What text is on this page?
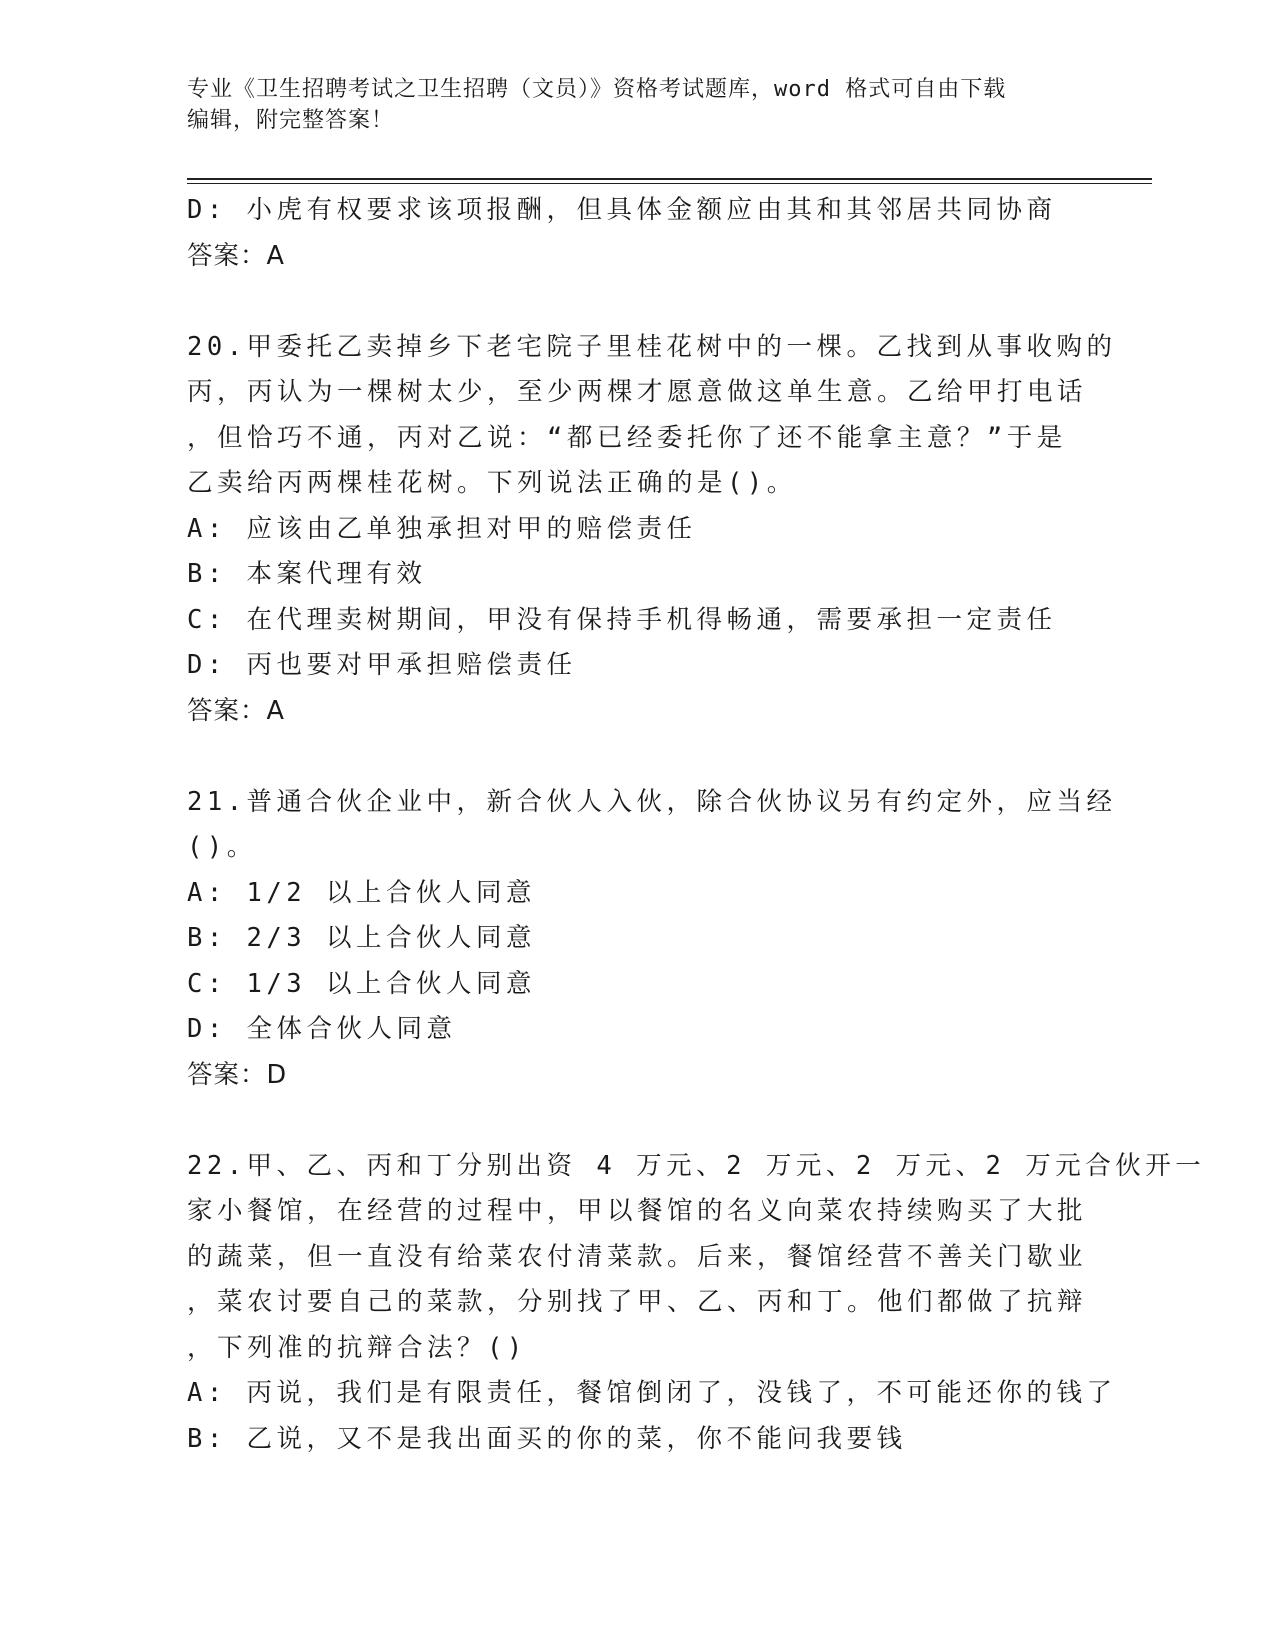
专业《卫生招聘考试之卫生招聘（文员）》资格考试题库，word 格式可自由下载
编辑，附完整答案！
D: 小虎有权要求该项报酬，但具体金额应由其和其邻居共同协商
答案：A
20.甲委托乙卖掉乡下老宅院子里桂花树中的一棵。乙找到从事收购的
丙，丙认为一棵树太少，至少两棵才愿意做这单生意。乙给甲打电话
，但恰巧不通，丙对乙说：“都已经委托你了还不能拿主意？”于是
乙卖给丙两棵桂花树。下列说法正确的是()。
A: 应该由乙单独承担对甲的赔偿责任
B: 本案代理有效
C: 在代理卖树期间，甲没有保持手机得畅通，需要承担一定责任
D: 丙也要对甲承担赔偿责任
答案：A
21.普通合伙企业中，新合伙人入伙，除合伙协议另有约定外，应当经
()。
A: 1/2 以上合伙人同意
B: 2/3 以上合伙人同意
C: 1/3 以上合伙人同意
D: 全体合伙人同意
答案：D
22.甲、乙、丙和丁分别出资 4 万元、2 万元、2 万元、2 万元合伙开一
家小餐馆，在经营的过程中，甲以餐馆的名义向菜农持续购买了大批
的蔬菜，但一直没有给菜农付清菜款。后来，餐馆经营不善关门歇业
，菜农讨要自己的菜款，分别找了甲、乙、丙和丁。他们都做了抗辩
，下列准的抗辩合法？()
A: 丙说，我们是有限责任，餐馆倒闭了，没钱了，不可能还你的钱了
B: 乙说，又不是我出面买的你的菜，你不能问我要钱
